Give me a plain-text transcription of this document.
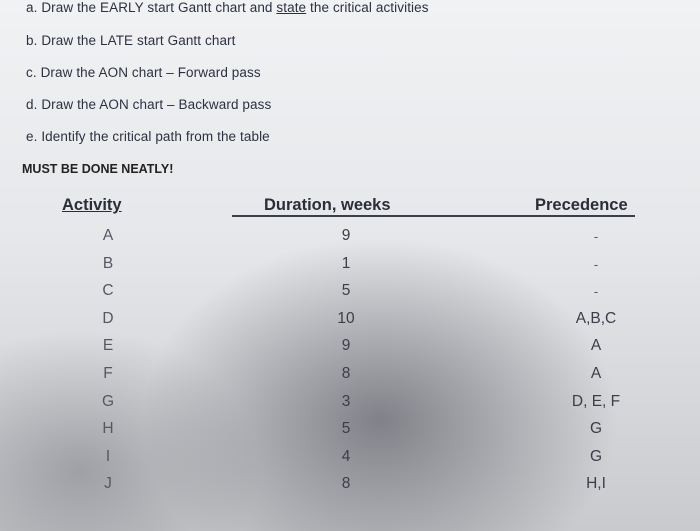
a. Draw the EARLY start Gantt chart and state the critical activities
b. Draw the LATE start Gantt chart
c. Draw the AON chart – Forward pass
d. Draw the AON chart – Backward pass
e. Identify the critical path from the table
MUST BE DONE NEATLY!
Activity	Duration, weeks	Precedence
A	9	-
B	1	-
C	5	-
D	10	A,B,C
E	9	A
F	8	A
G	3	D, E, F
H	5	G
I	4	G
J	8	H,I
